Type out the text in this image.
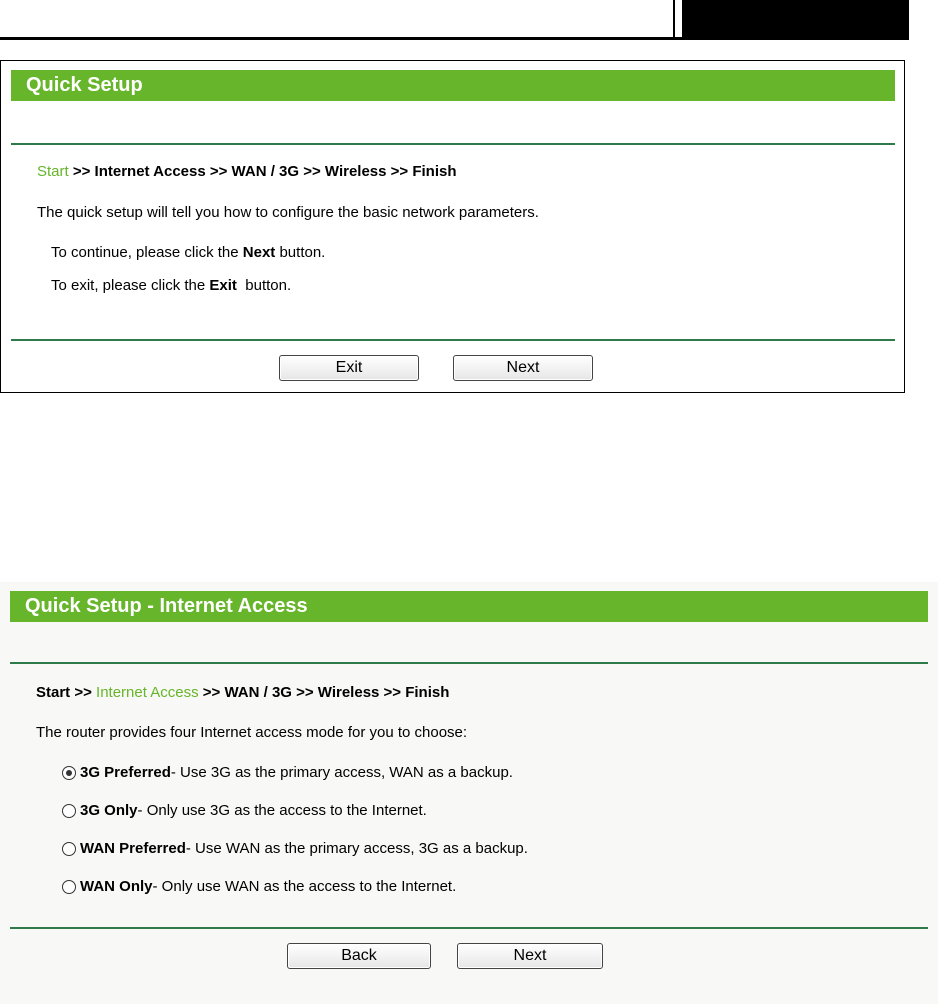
Quick Setup
Start >> Internet Access >> WAN / 3G >> Wireless >> Finish
The quick setup will tell you how to configure the basic network parameters.
To continue, please click the Next button.
To exit, please click the Exit  button.
Exit	Next
Quick Setup - Internet Access
Start >> Internet Access >> WAN / 3G >> Wireless >> Finish
The router provides four Internet access mode for you to choose:
3G Preferred - Use 3G as the primary access, WAN as a backup.
3G Only - Only use 3G as the access to the Internet.
WAN Preferred - Use WAN as the primary access, 3G as a backup.
WAN Only - Only use WAN as the access to the Internet.
Back	Next
